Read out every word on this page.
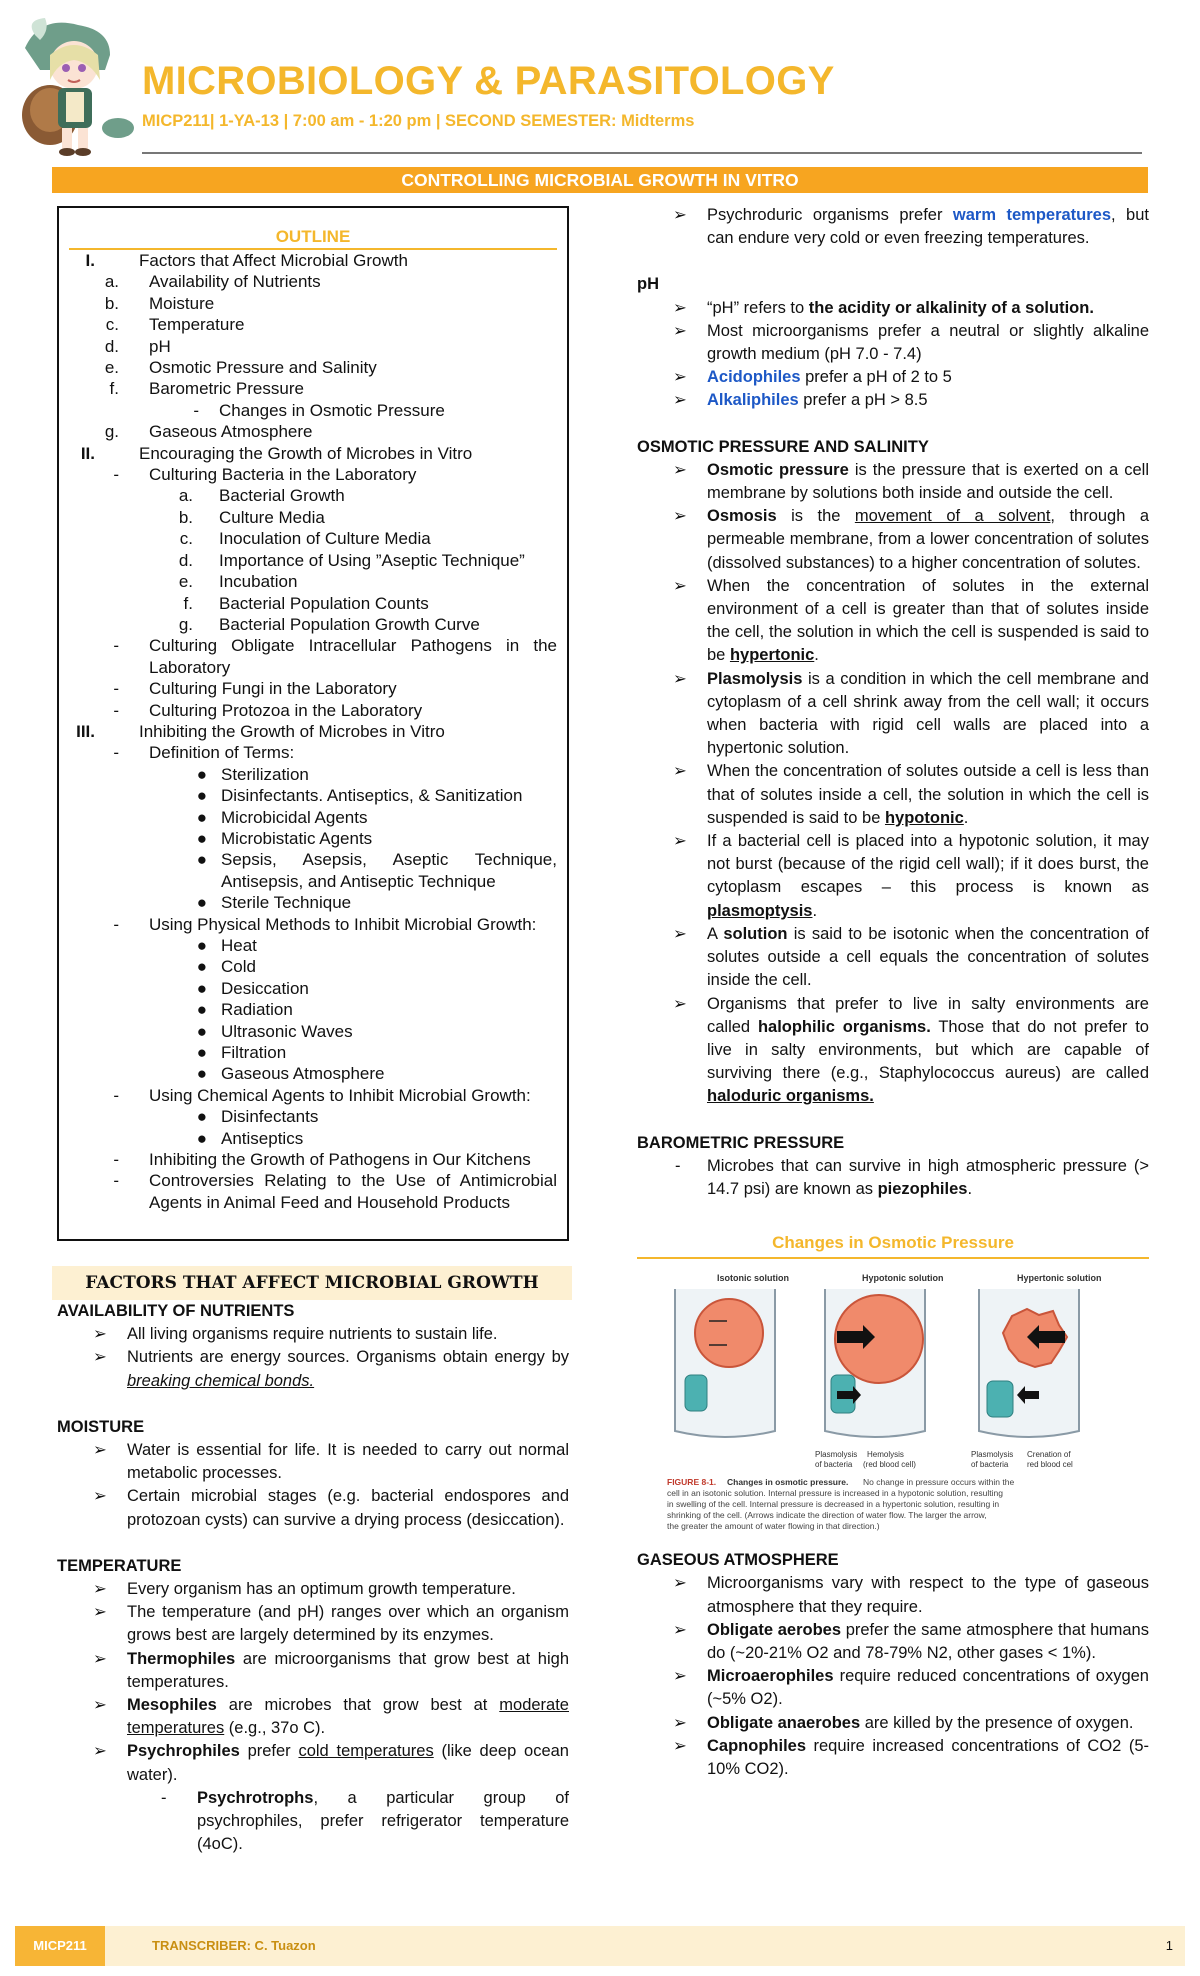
MICROBIOLOGY & PARASITOLOGY
MICP211| 1-YA-13 | 7:00 am - 1:20 pm | SECOND SEMESTER: Midterms
CONTROLLING MICROBIAL GROWTH IN VITRO
OUTLINE
I.	Factors that Affect Microbial Growth
a. Availability of Nutrients
b. Moisture
c. Temperature
d. pH
e. Osmotic Pressure and Salinity
f. Barometric Pressure
- Changes in Osmotic Pressure
g. Gaseous Atmosphere
II.	Encouraging the Growth of Microbes in Vitro
- Culturing Bacteria in the Laboratory
a. Bacterial Growth
b. Culture Media
c. Inoculation of Culture Media
d. Importance of Using ”Aseptic Technique”
e. Incubation
f. Bacterial Population Counts
g. Bacterial Population Growth Curve
- Culturing Obligate Intracellular Pathogens in the Laboratory
- Culturing Fungi in the Laboratory
- Culturing Protozoa in the Laboratory
III.	Inhibiting the Growth of Microbes in Vitro
- Definition of Terms:
● Sterilization
● Disinfectants. Antiseptics, & Sanitization
● Microbicidal Agents
● Microbistatic Agents
● Sepsis, Asepsis, Aseptic Technique, Antisepsis, and Antiseptic Technique
● Sterile Technique
- Using Physical Methods to Inhibit Microbial Growth:
● Heat
● Cold
● Desiccation
● Radiation
● Ultrasonic Waves
● Filtration
● Gaseous Atmosphere
- Using Chemical Agents to Inhibit Microbial Growth:
● Disinfectants
● Antiseptics
- Inhibiting the Growth of Pathogens in Our Kitchens
- Controversies Relating to the Use of Antimicrobial Agents in Animal Feed and Household Products
FACTORS THAT AFFECT MICROBIAL GROWTH
AVAILABILITY OF NUTRIENTS
➢ All living organisms require nutrients to sustain life.
➢ Nutrients are energy sources. Organisms obtain energy by breaking chemical bonds.
MOISTURE
➢ Water is essential for life. It is needed to carry out normal metabolic processes.
➢ Certain microbial stages (e.g. bacterial endospores and protozoan cysts) can survive a drying process (desiccation).
TEMPERATURE
➢ Every organism has an optimum growth temperature.
➢ The temperature (and pH) ranges over which an organism grows best are largely determined by its enzymes.
➢ Thermophiles are microorganisms that grow best at high temperatures.
➢ Mesophiles are microbes that grow best at moderate temperatures (e.g., 37o C).
➢ Psychrophiles prefer cold temperatures (like deep ocean water).
- Psychrotrophs, a particular group of psychrophiles, prefer refrigerator temperature (4oC).
➢ Psychroduric organisms prefer warm temperatures, but can endure very cold or even freezing temperatures.
pH
➢ “pH” refers to the acidity or alkalinity of a solution.
➢ Most microorganisms prefer a neutral or slightly alkaline growth medium (pH 7.0 - 7.4)
➢ Acidophiles prefer a pH of 2 to 5
➢ Alkaliphiles prefer a pH > 8.5
OSMOTIC PRESSURE AND SALINITY
➢ Osmotic pressure is the pressure that is exerted on a cell membrane by solutions both inside and outside the cell.
➢ Osmosis is the movement of a solvent, through a permeable membrane, from a lower concentration of solutes (dissolved substances) to a higher concentration of solutes.
➢ When the concentration of solutes in the external environment of a cell is greater than that of solutes inside the cell, the solution in which the cell is suspended is said to be hypertonic.
➢ Plasmolysis is a condition in which the cell membrane and cytoplasm of a cell shrink away from the cell wall; it occurs when bacteria with rigid cell walls are placed into a hypertonic solution.
➢ When the concentration of solutes outside a cell is less than that of solutes inside a cell, the solution in which the cell is suspended is said to be hypotonic.
➢ If a bacterial cell is placed into a hypotonic solution, it may not burst (because of the rigid cell wall); if it does burst, the cytoplasm escapes – this process is known as plasmoptysis.
➢ A solution is said to be isotonic when the concentration of solutes outside a cell equals the concentration of solutes inside the cell.
➢ Organisms that prefer to live in salty environments are called halophilic organisms. Those that do not prefer to live in salty environments, but which are capable of surviving there (e.g., Staphylococcus aureus) are called haloduric organisms.
BAROMETRIC PRESSURE
- Microbes that can survive in high atmospheric pressure (> 14.7 psi) are known as piezophiles.
Changes in Osmotic Pressure
Isotonic solution	Hypotonic solution	Hypertonic solution
Plasmolysis
of bacteria
Hemolysis
(red blood cell)
Plasmolysis
of bacteria
Crenation of
red blood cel
FIGURE 8-1. Changes in osmotic pressure. No change in pressure occurs within the
cell in an isotonic solution. Internal pressure is increased in a hypotonic solution, resulting
in swelling of the cell. Internal pressure is decreased in a hypertonic solution, resulting in
shrinking of the cell. (Arrows indicate the direction of water flow. The larger the arrow,
the greater the amount of water flowing in that direction.)
GASEOUS ATMOSPHERE
➢ Microorganisms vary with respect to the type of gaseous atmosphere that they require.
➢ Obligate aerobes prefer the same atmosphere that humans do (~20-21% O2 and 78-79% N2, other gases < 1%).
➢ Microaerophiles require reduced concentrations of oxygen (~5% O2).
➢ Obligate anaerobes are killed by the presence of oxygen.
➢ Capnophiles require increased concentrations of CO2 (5-10% CO2).
MICP211	TRANSCRIBER: C. Tuazon	1
